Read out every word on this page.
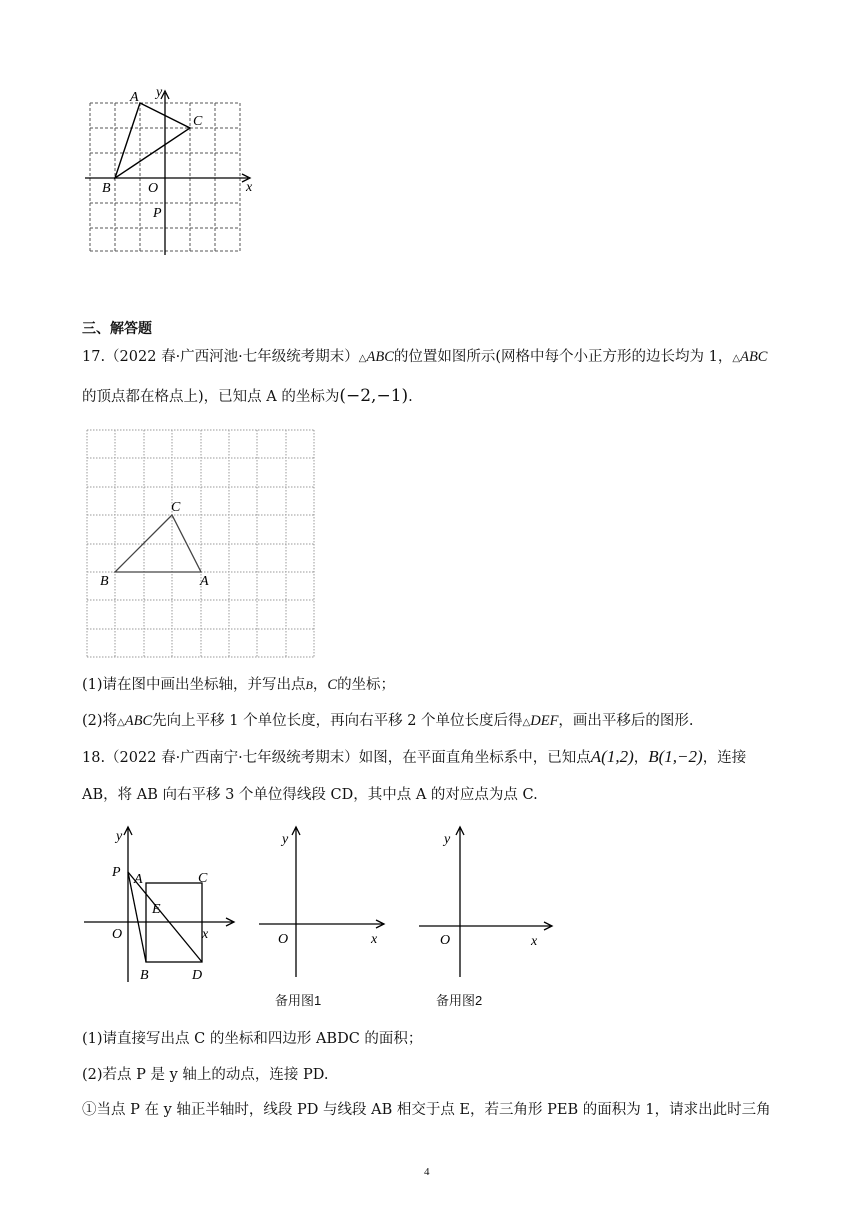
A y
C
B	O	x
P
三、解答题
17.（2022 春·广西河池·七年级统考期末）△ABC的位置如图所示(网格中每个小正方形的边长均为 1，△ABC
的顶点都在格点上)，已知点 A 的坐标为(−2,−1).
C
B	A
(1)请在图中画出坐标轴，并写出点B，C的坐标；
(2)将△ABC先向上平移 1 个单位长度，再向右平移 2 个单位长度后得△DEF，画出平移后的图形.
18.（2022 春·广西南宁·七年级统考期末）如图，在平面直角坐标系中，已知点A(1,2)，B(1,−2)，连接
AB，将 AB 向右平移 3 个单位得线段 CD，其中点 A 的对应点为点 C.
y
A	C
P
E
O	x
B	D
y
O	x
备用图1
y
O	x
备用图2
(1)请直接写出点 C 的坐标和四边形 ABDC 的面积；
(2)若点 P 是 y 轴上的动点，连接 PD.
①当点 P 在 y 轴正半轴时，线段 PD 与线段 AB 相交于点 E，若三角形 PEB 的面积为 1，请求出此时三角
4
